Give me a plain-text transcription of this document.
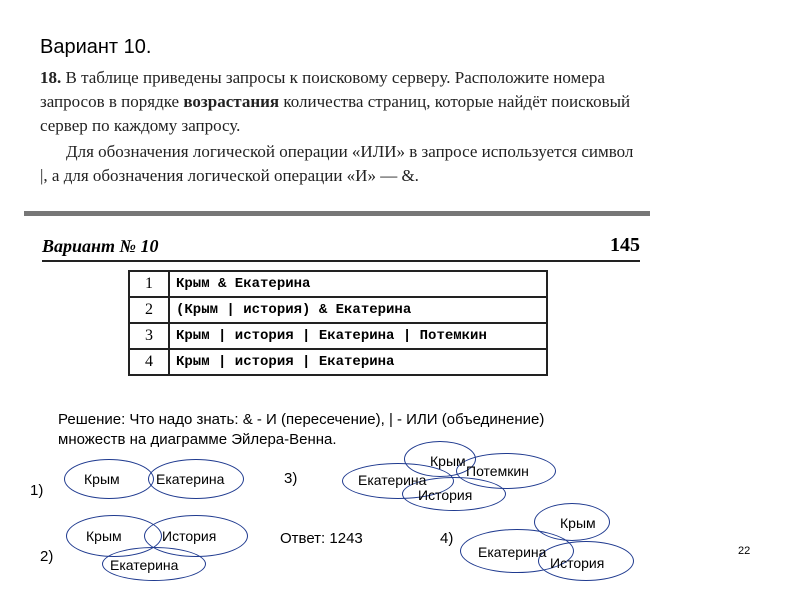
Вариант 10.

18. В таблице приведены запросы к поисковому серверу. Расположите номера запросов в порядке возрастания количества страниц, которые найдёт поисковый сервер по каждому запросу.

Для обозначения логической операции «ИЛИ» в запросе используется символ |, а для обозначения логической операции «И» — &.

Вариант № 10	145
1	Крым & Екатерина
2	(Крым | история) & Екатерина
3	Крым | история | Екатерина | Потемкин
4	Крым | история | Екатерина
Решение: Что надо знать: & - И (пересечение), | - ИЛИ (объединение)
множеств на диаграмме Эйлера-Венна.
1)
Крым	Екатерина
2)
Крым	История
Екатерина
3)
Крым
Потемкин
Екатерина
История
Ответ: 1243	4)
Крым
Екатерина
История
22
